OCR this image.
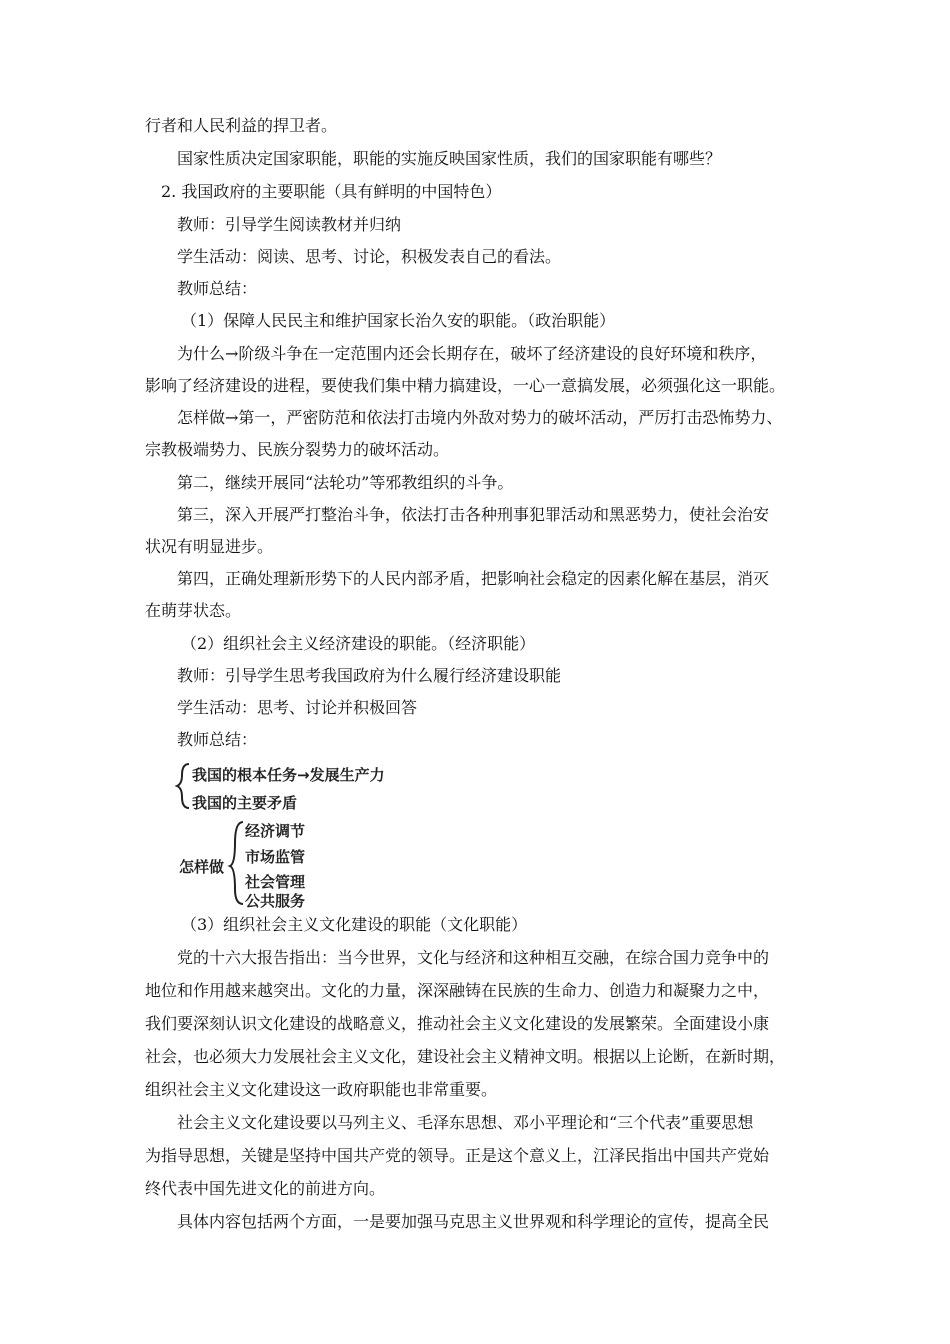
行者和人民利益的捍卫者。

国家性质决定国家职能，职能的实施反映国家性质，我们的国家职能有哪些？

2. 我国政府的主要职能（具有鲜明的中国特色）

教师：引导学生阅读教材并归纳

学生活动：阅读、思考、讨论，积极发表自己的看法。

教师总结：

（1）保障人民民主和维护国家长治久安的职能。（政治职能）

为什么→阶级斗争在一定范围内还会长期存在，破坏了经济建设的良好环境和秩序，

影响了经济建设的进程，要使我们集中精力搞建设，一心一意搞发展，必须强化这一职能。

怎样做→第一，严密防范和依法打击境内外敌对势力的破坏活动，严厉打击恐怖势力、

宗教极端势力、民族分裂势力的破坏活动。

第二，继续开展同“法轮功”等邪教组织的斗争。

第三，深入开展严打整治斗争，依法打击各种刑事犯罪活动和黑恶势力，使社会治安

状况有明显进步。

第四，正确处理新形势下的人民内部矛盾，把影响社会稳定的因素化解在基层，消灭

在萌芽状态。

（2）组织社会主义经济建设的职能。（经济职能）

教师：引导学生思考我国政府为什么履行经济建设职能

学生活动：思考、讨论并积极回答

教师总结：

我国的根本任务→发展生产力
我国的主要矛盾
怎样做
经济调节
市场监管
社会管理
公共服务

（3）组织社会主义文化建设的职能（文化职能）

党的十六大报告指出：当今世界，文化与经济和这种相互交融，在综合国力竞争中的

地位和作用越来越突出。文化的力量，深深融铸在民族的生命力、创造力和凝聚力之中，

我们要深刻认识文化建设的战略意义，推动社会主义文化建设的发展繁荣。全面建设小康

社会，也必须大力发展社会主义文化，建设社会主义精神文明。根据以上论断，在新时期，

组织社会主义文化建设这一政府职能也非常重要。

社会主义文化建设要以马列主义、毛泽东思想、邓小平理论和“三个代表”重要思想

为指导思想，关键是坚持中国共产党的领导。正是这个意义上，江泽民指出中国共产党始

终代表中国先进文化的前进方向。

具体内容包括两个方面，一是要加强马克思主义世界观和科学理论的宣传，提高全民
